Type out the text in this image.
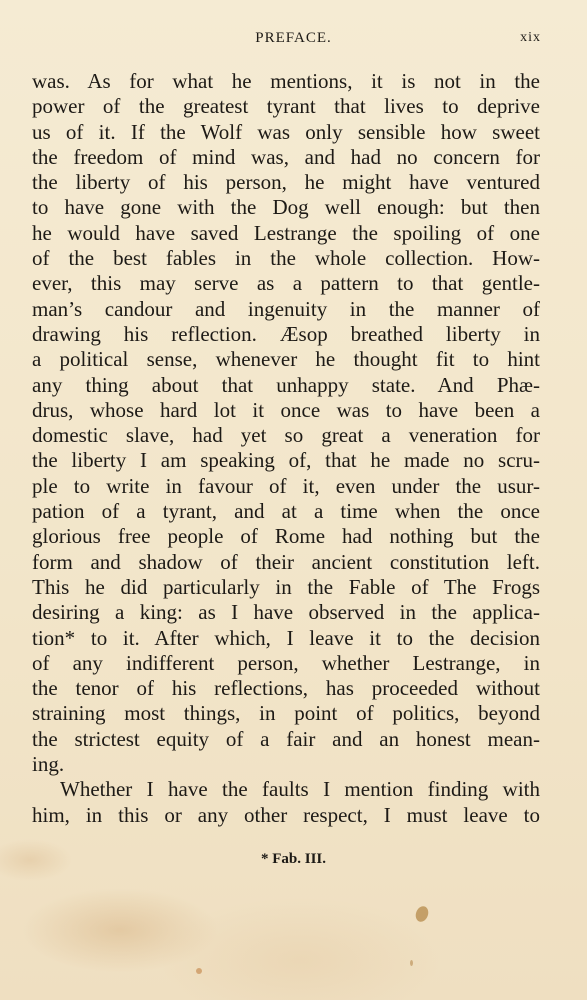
PREFACE.	xix
was. As for what he mentions, it is not in the
power of the greatest tyrant that lives to deprive
us of it. If the Wolf was only sensible how sweet
the freedom of mind was, and had no concern for
the liberty of his person, he might have ventured
to have gone with the Dog well enough: but then
he would have saved Lestrange the spoiling of one
of the best fables in the whole collection. How-
ever, this may serve as a pattern to that gentle-
man’s candour and ingenuity in the manner of
drawing his reflection. Æsop breathed liberty in
a political sense, whenever he thought fit to hint
any thing about that unhappy state. And Phæ-
drus, whose hard lot it once was to have been a
domestic slave, had yet so great a veneration for
the liberty I am speaking of, that he made no scru-
ple to write in favour of it, even under the usur-
pation of a tyrant, and at a time when the once
glorious free people of Rome had nothing but the
form and shadow of their ancient constitution left.
This he did particularly in the Fable of The Frogs
desiring a king: as I have observed in the applica-
tion* to it. After which, I leave it to the decision
of any indifferent person, whether Lestrange, in
the tenor of his reflections, has proceeded without
straining most things, in point of politics, beyond
the strictest equity of a fair and an honest mean-
ing.
Whether I have the faults I mention finding with
him, in this or any other respect, I must leave to
* Fab. III.
